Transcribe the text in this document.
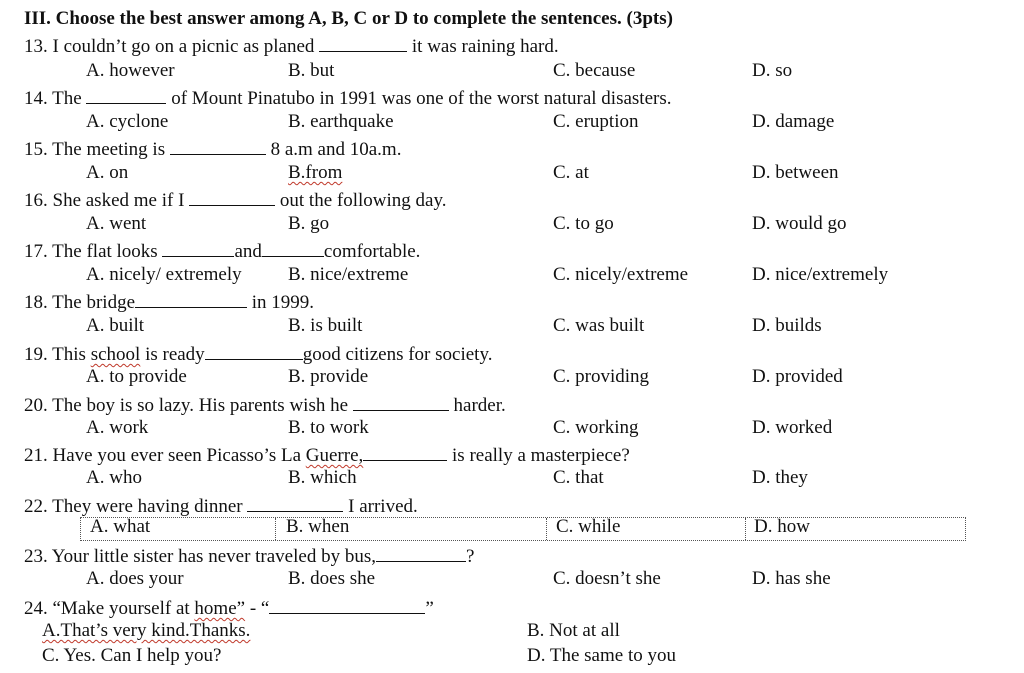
III. Choose the best answer among A, B, C or D to complete the sentences. (3pts)
13. I couldn’t go on a picnic as planed	it was raining hard.
A. however	B. but	C. because	D. so
14. The	of Mount Pinatubo in 1991 was one of the worst natural disasters.
A. cyclone	B. earthquake	C. eruption	D. damage
15. The meeting is	8 a.m and 10a.m.
A. on	B.from	C. at	D. between
16. She asked me if I	out the following day.
A. went	B. go	C. to go	D. would go
17. The flat looks	and	comfortable.
A. nicely/ extremely B. nice/extreme	C. nicely/extreme	D. nice/extremely
18. The bridge	in 1999.
A. built	B. is built	C. was built	D. builds
19. This school is ready	good citizens for society.
A. to provide	B. provide	C. providing	D. provided
20. The boy is so lazy. His parents wish he	harder.
A. work	B. to work	C. working	D. worked
21. Have you ever seen Picasso’s La Guerre,	is really a masterpiece?
A. who	B. which	C. that	D. they
22. They were having dinner	I arrived.
A. what	B. when	C. while	D. how
23. Your little sister has never traveled by bus,	?
A. does your	B. does she	C. doesn’t she	D. has she
24. “Make yourself at home” - “	”
A.That’s very kind.Thanks.	B. Not at all
C. Yes. Can I help you?	D. The same to you
